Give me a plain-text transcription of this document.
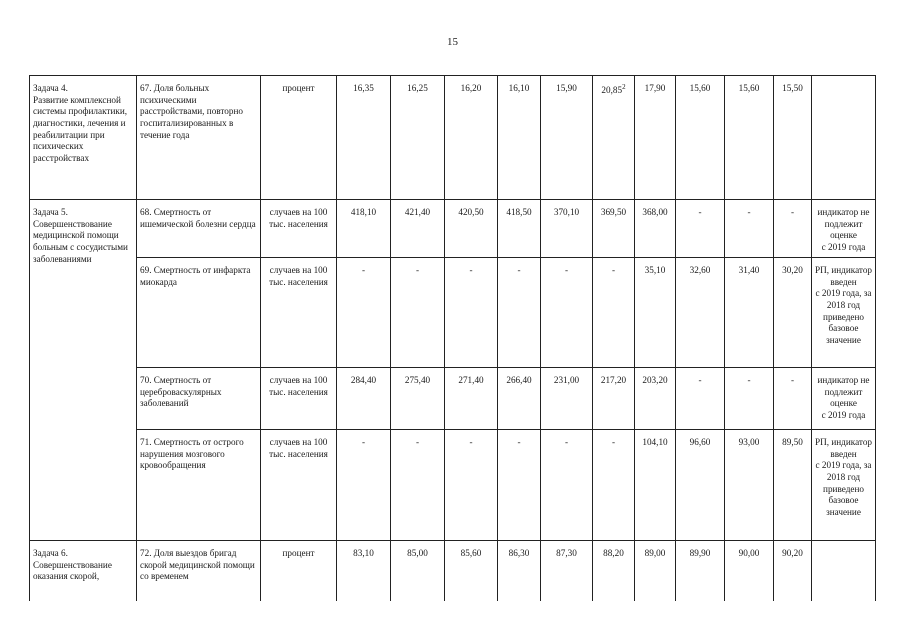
15
Задача 4.
Развитие комплексной системы профилактики, диагностики, лечения и реабилитации при психических расстройствах	67. Доля больных психическими расстройствами, повторно госпитализированных в течение года	процент	16,35	16,25	16,20	16,10	15,90	20,85$^2$	17,90	15,60	15,60	15,50	
Задача 5.
Совершенствование медицинской помощи больным с сосудистыми заболеваниями	68. Смертность от ишемической болезни сердца	случаев на 100 тыс. населения	418,10	421,40	420,50	418,50	370,10	369,50	368,00	-	-	-	индикатор не подлежит оценке
с 2019 года
	69. Смертность от инфаркта миокарда	случаев на 100 тыс. населения	-	-	-	-	-	-	35,10	32,60	31,40	30,20	РП, индикатор введен
с 2019 года, за 2018 год приведено базовое значение
	70. Смертность от цереброваскулярных заболеваний	случаев на 100 тыс. населения	284,40	275,40	271,40	266,40	231,00	217,20	203,20	-	-	-	индикатор не подлежит оценке
с 2019 года
	71. Смертность от острого нарушения мозгового кровообращения	случаев на 100 тыс. населения	-	-	-	-	-	-	104,10	96,60	93,00	89,50	РП, индикатор введен
с 2019 года, за 2018 год приведено базовое значение
Задача 6.
Совершенствование оказания скорой,	72. Доля выездов бригад скорой медицинской помощи со временем	процент	83,10	85,00	85,60	86,30	87,30	88,20	89,00	89,90	90,00	90,20	
